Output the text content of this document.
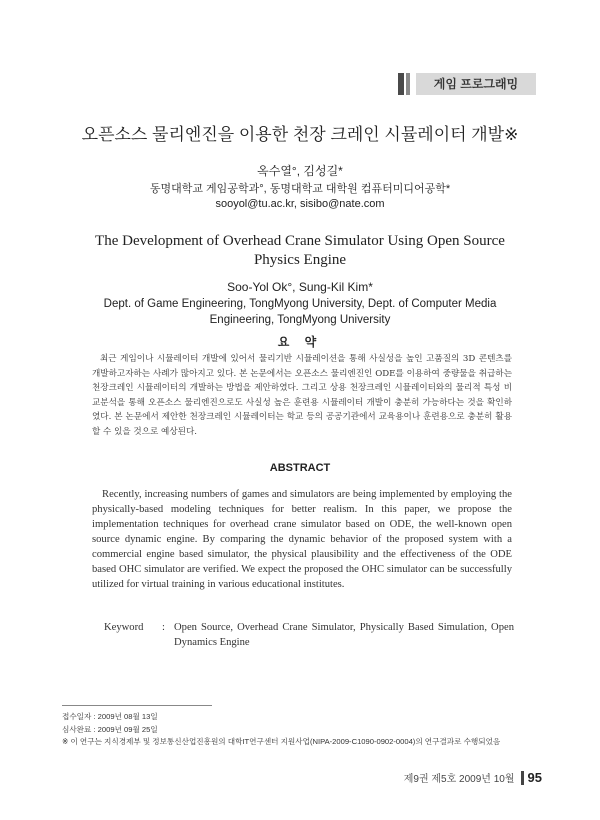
게임 프로그래밍
오픈소스 물리엔진을 이용한 천장 크레인 시뮬레이터 개발※
옥수열°, 김성길*
동명대학교 게임공학과°, 동명대학교 대학원 컴퓨터미디어공학*
sooyol@tu.ac.kr, sisibo@nate.com
The Development of Overhead Crane Simulator Using Open Source Physics Engine
Soo-Yol Ok°, Sung-Kil Kim*
Dept. of Game Engineering, TongMyong University, Dept. of Computer Media Engineering, TongMyong University
요 약
최근 게임이나 시뮬레이터 개발에 있어서 물리기반 시뮬레이션을 통해 사실성을 높인 고품질의 3D 콘텐츠를 개발하고자하는 사례가 많아지고 있다. 본 논문에서는 오픈소스 물리엔진인 ODE를 이용하여 중량물을 취급하는 천장크레인 시뮬레이터의 개발하는 방법을 제안하였다. 그리고 상용 천장크레인 시뮬레이터와의 물리적 특성 비교분석을 통해 오픈소스 물리엔진으로도 사실성 높은 훈련용 시뮬레이터 개발이 충분히 가능하다는 것을 확인하였다. 본 논문에서 제안한 천장크레인 시뮬레이터는 학교 등의 공공기관에서 교육용이나 훈련용으로 충분히 활용할 수 있을 것으로 예상된다.
ABSTRACT
Recently, increasing numbers of games and simulators are being implemented by employing the physically-based modeling techniques for better realism. In this paper, we propose the implementation techniques for overhead crane simulator based on ODE, the well-known open source dynamic engine. By comparing the dynamic behavior of the proposed system with a commercial engine based simulator, the physical plausibility and the effectiveness of the ODE based OHC simulator are verified. We expect the proposed the OHC simulator can be successfully utilized for virtual training in various educational institutes.
Keyword	: Open Source, Overhead Crane Simulator, Physically Based Simulation, Open Dynamics Engine
접수일자 : 2009년 08월 13일
심사완료 : 2009년 09월 25일
※ 이 연구는 지식경제부 및 정보통신산업진흥원의 대학IT연구센터 지원사업(NIPA-2009-C1090-0902-0004)의 연구결과로 수행되었음
제9권 제5호 2009년 10월 95
